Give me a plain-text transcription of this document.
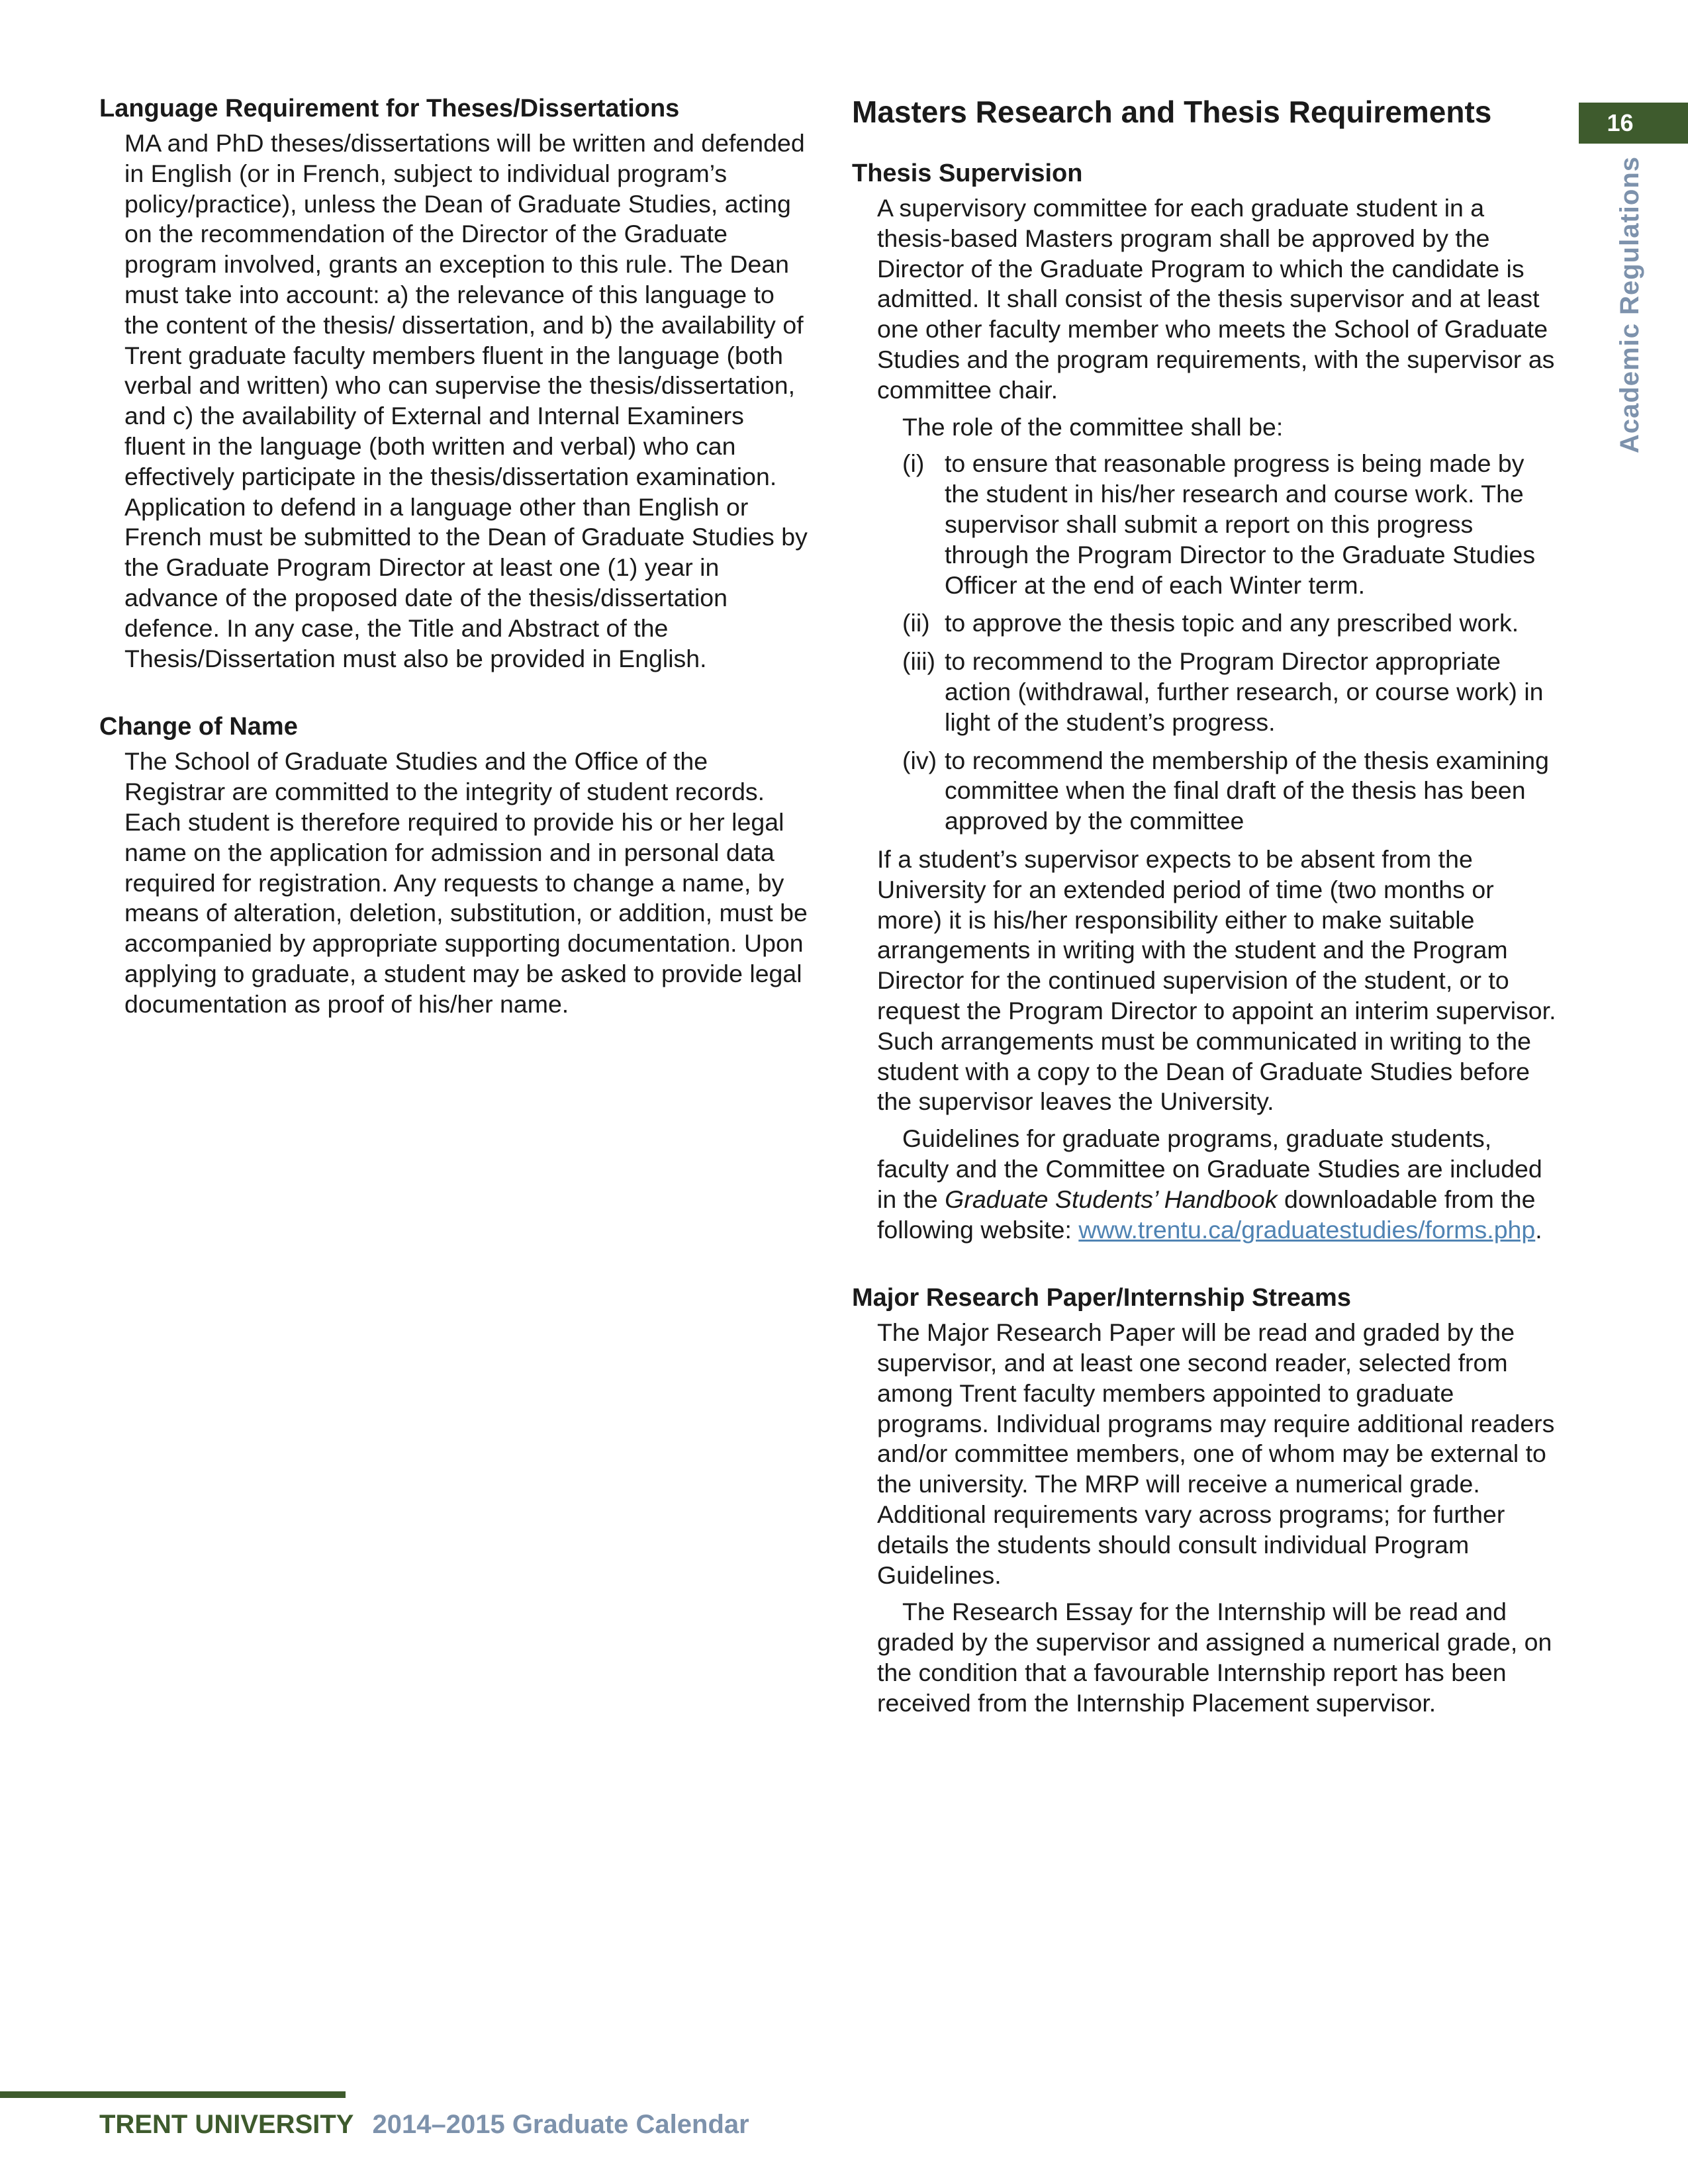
16
Academic Regulations
Language Requirement for Theses/Dissertations

MA and PhD theses/dissertations will be written and defended in English (or in French, subject to individual program’s policy/practice), unless the Dean of Graduate Studies, acting on the recommendation of the Director of the Graduate program involved, grants an exception to this rule. The Dean must take into account: a) the relevance of this language to the content of the thesis/ dissertation, and b) the availability of Trent graduate faculty members fluent in the language (both verbal and written) who can supervise the thesis/dissertation, and c) the availability of External and Internal Examiners fluent in the language (both written and verbal) who can effectively participate in the thesis/dissertation examination. Application to defend in a language other than English or French must be submitted to the Dean of Graduate Studies by the Graduate Program Director at least one (1) year in advance of the proposed date of the thesis/dissertation defence. In any case, the Title and Abstract of the Thesis/Dissertation must also be provided in English.

Change of Name

The School of Graduate Studies and the Office of the Registrar are committed to the integrity of student records. Each student is therefore required to provide his or her legal name on the application for admission and in personal data required for registration. Any requests to change a name, by means of alteration, deletion, substitution, or addition, must be accompanied by appropriate supporting documentation. Upon applying to graduate, a student may be asked to provide legal documentation as proof of his/her name.

Masters Research and Thesis Requirements
Thesis Supervision

A supervisory committee for each graduate student in a thesis-based Masters program shall be approved by the Director of the Graduate Program to which the candidate is admitted. It shall consist of the thesis supervisor and at least one other faculty member who meets the School of Graduate Studies and the program requirements, with the supervisor as committee chair.

The role of the committee shall be:

(i) to ensure that reasonable progress is being made by the student in his/her research and course work. The supervisor shall submit a report on this progress through the Program Director to the Graduate Studies Officer at the end of each Winter term.
(ii) to approve the thesis topic and any prescribed work.
(iii) to recommend to the Program Director appropriate action (withdrawal, further research, or course work) in light of the student’s progress.
(iv) to recommend the membership of the thesis examining committee when the final draft of the thesis has been approved by the committee

If a student’s supervisor expects to be absent from the University for an extended period of time (two months or more) it is his/her responsibility either to make suitable arrangements in writing with the student and the Program Director for the continued supervision of the student, or to request the Program Director to appoint an interim supervisor. Such arrangements must be communicated in writing to the student with a copy to the Dean of Graduate Studies before the supervisor leaves the University.

Guidelines for graduate programs, graduate students, faculty and the Committee on Graduate Studies are included in the Graduate Students’ Handbook downloadable from the following website: www.trentu.ca/graduatestudies/forms.php.

Major Research Paper/Internship Streams

The Major Research Paper will be read and graded by the supervisor, and at least one second reader, selected from among Trent faculty members appointed to graduate programs. Individual programs may require additional readers and/or committee members, one of whom may be external to the university. The MRP will receive a numerical grade. Additional requirements vary across programs; for further details the students should consult individual Program Guidelines.

The Research Essay for the Internship will be read and graded by the supervisor and assigned a numerical grade, on the condition that a favourable Internship report has been received from the Internship Placement supervisor.

TRENT UNIVERSITY 2014–2015 Graduate Calendar
